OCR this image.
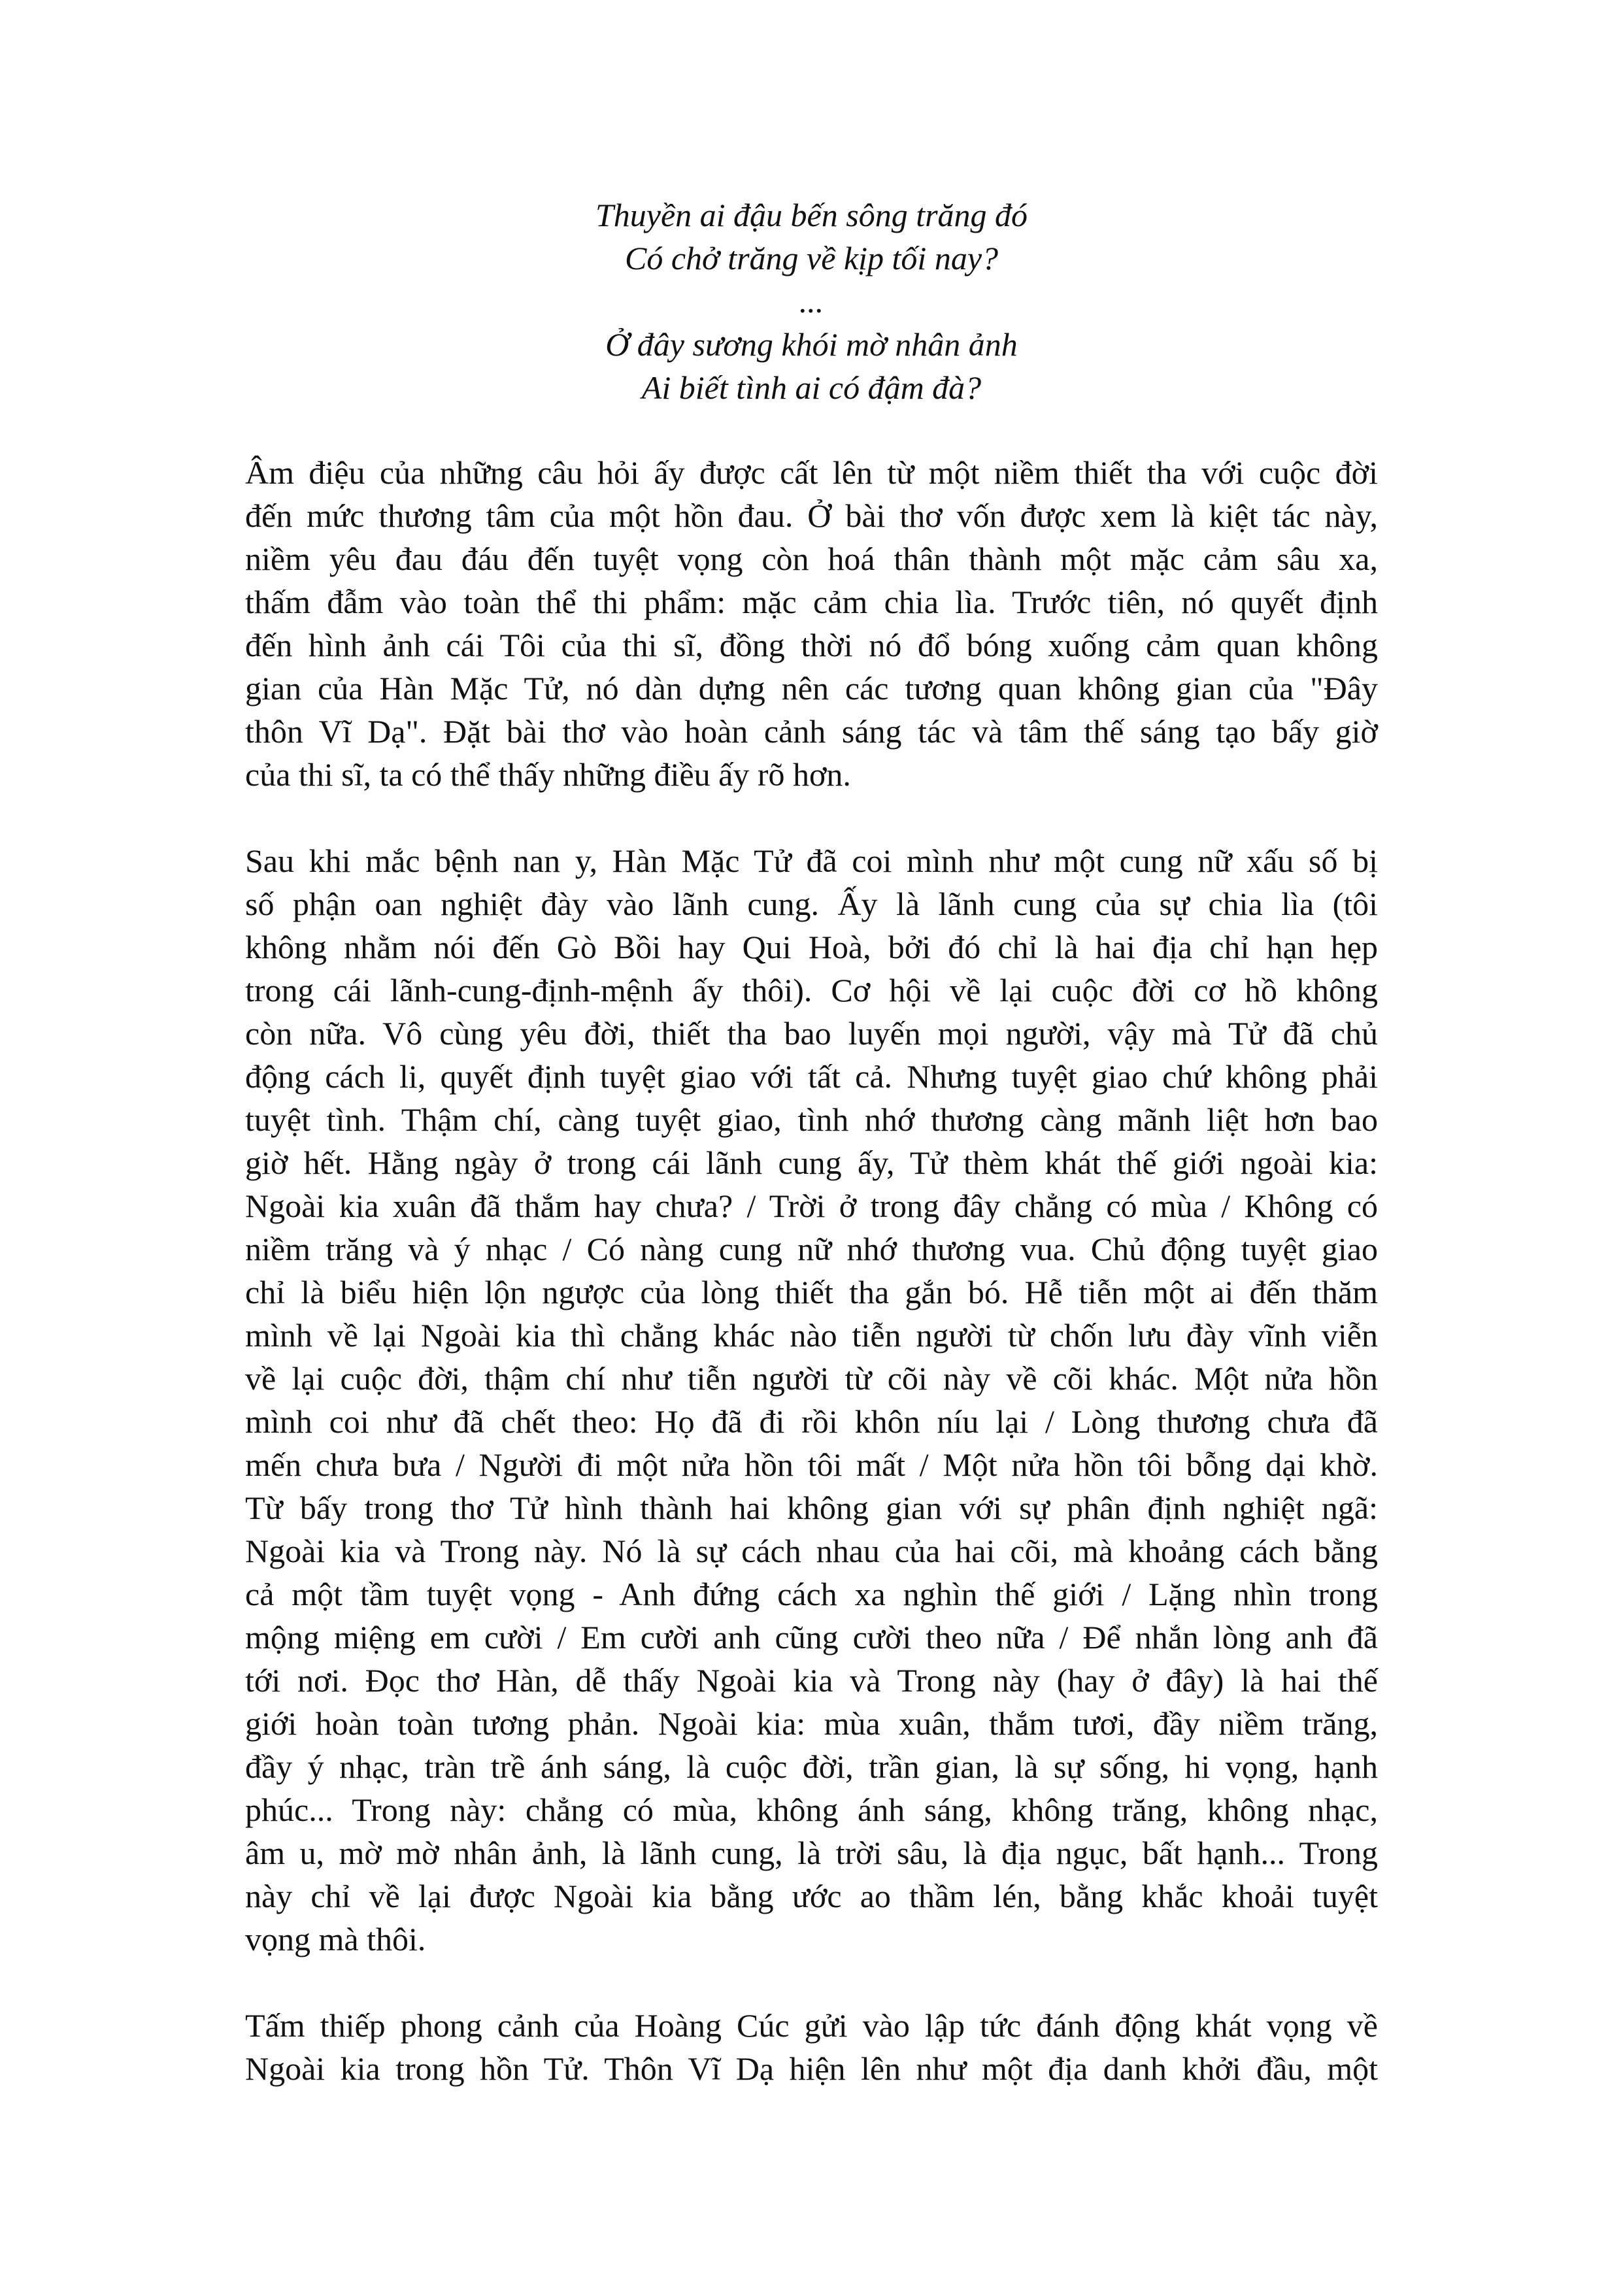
Thuyền ai đậu bến sông trăng đó
Có chở trăng về kịp tối nay?
...
Ở đây sương khói mờ nhân ảnh
Ai biết tình ai có đậm đà?
Âm điệu của những câu hỏi ấy được cất lên từ một niềm thiết tha với cuộc đời
đến mức thương tâm của một hồn đau. Ở bài thơ vốn được xem là kiệt tác này,
niềm yêu đau đáu đến tuyệt vọng còn hoá thân thành một mặc cảm sâu xa,
thấm đẫm vào toàn thể thi phẩm: mặc cảm chia lìa. Trước tiên, nó quyết định
đến hình ảnh cái Tôi của thi sĩ, đồng thời nó đổ bóng xuống cảm quan không
gian của Hàn Mặc Tử, nó dàn dựng nên các tương quan không gian của "Đây
thôn Vĩ Dạ". Đặt bài thơ vào hoàn cảnh sáng tác và tâm thế sáng tạo bấy giờ
của thi sĩ, ta có thể thấy những điều ấy rõ hơn.
Sau khi mắc bệnh nan y, Hàn Mặc Tử đã coi mình như một cung nữ xấu số bị
số phận oan nghiệt đày vào lãnh cung. Ấy là lãnh cung của sự chia lìa (tôi
không nhằm nói đến Gò Bồi hay Qui Hoà, bởi đó chỉ là hai địa chỉ hạn hẹp
trong cái lãnh-cung-định-mệnh ấy thôi). Cơ hội về lại cuộc đời cơ hồ không
còn nữa. Vô cùng yêu đời, thiết tha bao luyến mọi người, vậy mà Tử đã chủ
động cách li, quyết định tuyệt giao với tất cả. Nhưng tuyệt giao chứ không phải
tuyệt tình. Thậm chí, càng tuyệt giao, tình nhớ thương càng mãnh liệt hơn bao
giờ hết. Hằng ngày ở trong cái lãnh cung ấy, Tử thèm khát thế giới ngoài kia:
Ngoài kia xuân đã thắm hay chưa? / Trời ở trong đây chẳng có mùa / Không có
niềm trăng và ý nhạc / Có nàng cung nữ nhớ thương vua. Chủ động tuyệt giao
chỉ là biểu hiện lộn ngược của lòng thiết tha gắn bó. Hễ tiễn một ai đến thăm
mình về lại Ngoài kia thì chẳng khác nào tiễn người từ chốn lưu đày vĩnh viễn
về lại cuộc đời, thậm chí như tiễn người từ cõi này về cõi khác. Một nửa hồn
mình coi như đã chết theo: Họ đã đi rồi khôn níu lại / Lòng thương chưa đã
mến chưa bưa / Người đi một nửa hồn tôi mất / Một nửa hồn tôi bỗng dại khờ.
Từ bấy trong thơ Tử hình thành hai không gian với sự phân định nghiệt ngã:
Ngoài kia và Trong này. Nó là sự cách nhau của hai cõi, mà khoảng cách bằng
cả một tầm tuyệt vọng - Anh đứng cách xa nghìn thế giới / Lặng nhìn trong
mộng miệng em cười / Em cười anh cũng cười theo nữa / Để nhắn lòng anh đã
tới nơi. Đọc thơ Hàn, dễ thấy Ngoài kia và Trong này (hay ở đây) là hai thế
giới hoàn toàn tương phản. Ngoài kia: mùa xuân, thắm tươi, đầy niềm trăng,
đầy ý nhạc, tràn trề ánh sáng, là cuộc đời, trần gian, là sự sống, hi vọng, hạnh
phúc... Trong này: chẳng có mùa, không ánh sáng, không trăng, không nhạc,
âm u, mờ mờ nhân ảnh, là lãnh cung, là trời sâu, là địa ngục, bất hạnh... Trong
này chỉ về lại được Ngoài kia bằng ước ao thầm lén, bằng khắc khoải tuyệt
vọng mà thôi.
Tấm thiếp phong cảnh của Hoàng Cúc gửi vào lập tức đánh động khát vọng về
Ngoài kia trong hồn Tử. Thôn Vĩ Dạ hiện lên như một địa danh khởi đầu, một
